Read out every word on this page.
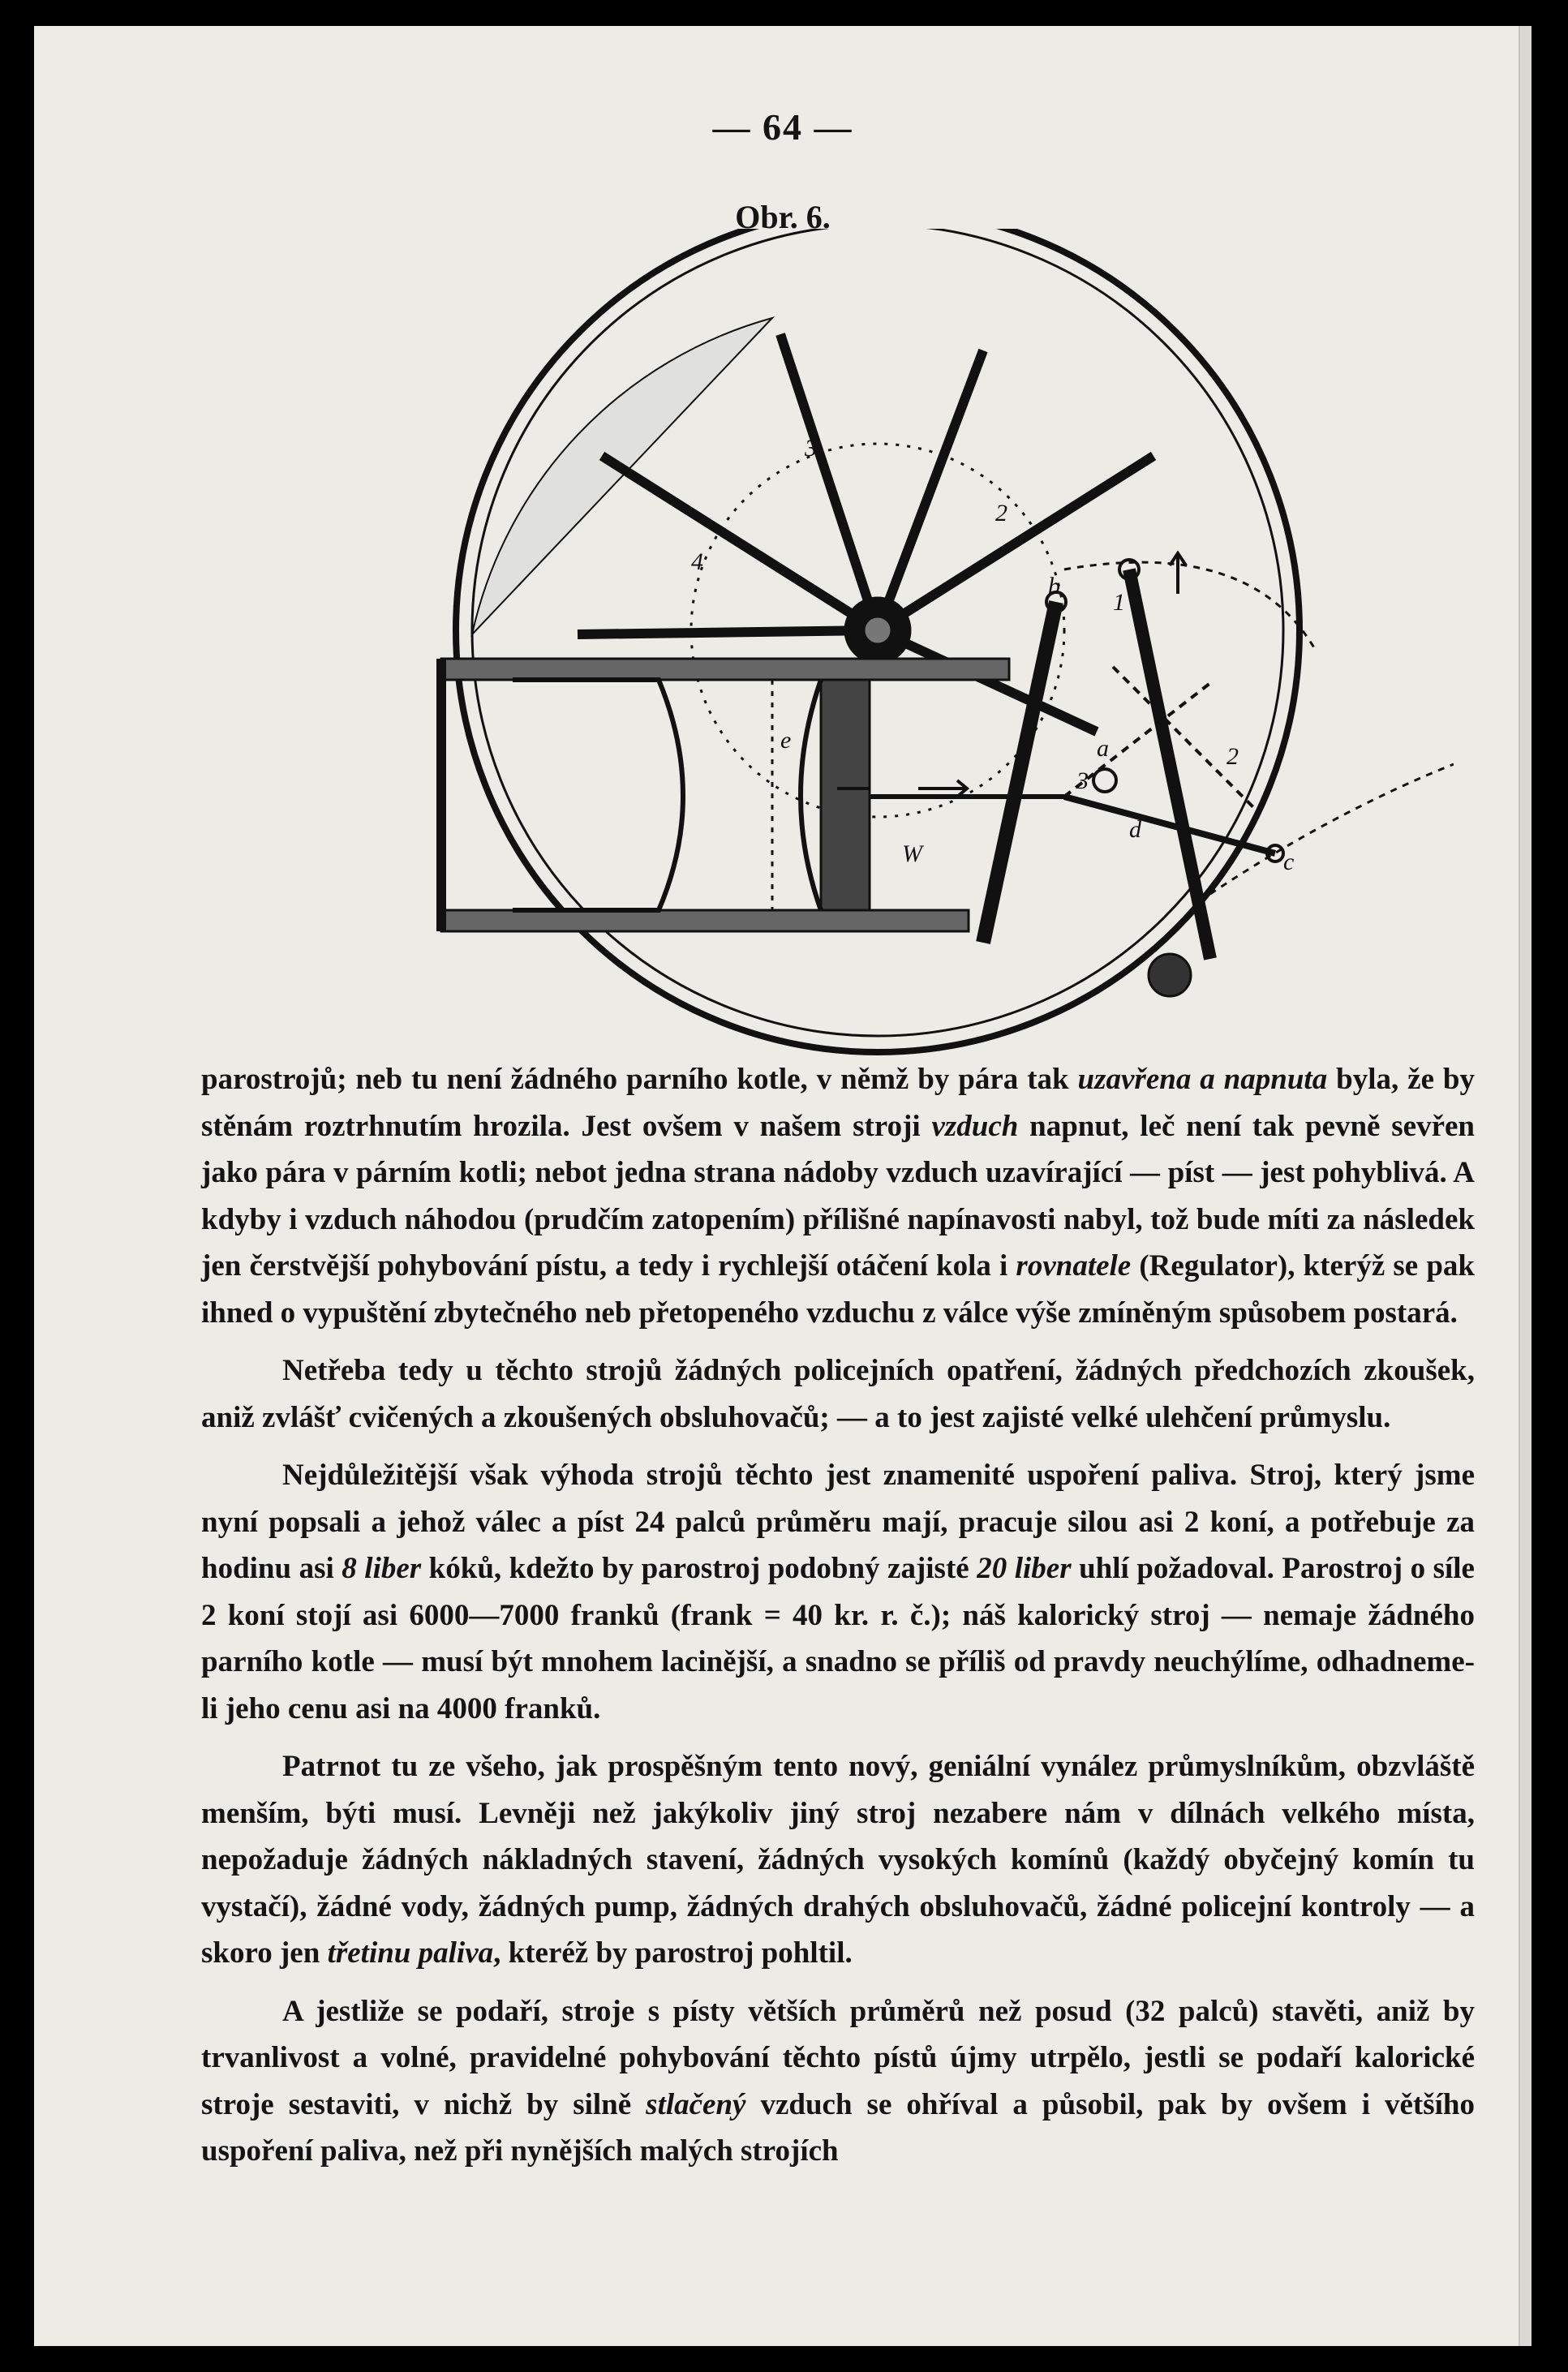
— 64 —
Obr. 6.
3
2
4
b
1
e
3
a
d
2
c
W

parostrojů; neb tu není žádného parního kotle, v němž by pára tak uzavřena a napnuta byla, že by stěnám roztrhnutím hrozila. Jest ovšem v našem stroji vzduch napnut, leč není tak pevně sevřen jako pára v párním kotli; nebot jedna strana nádoby vzduch uzavírající — píst — jest pohyblivá. A kdyby i vzduch náhodou (prudčím zatopením) přílišné napínavosti nabyl, tož bude míti za následek jen čerstvější pohybování pístu, a tedy i rychlejší otáčení kola i rovnatele (Regulator), kterýž se pak ihned o vypuštění zbytečného neb přetopeného vzduchu z válce výše zmíněným spůsobem postará.

Netřeba tedy u těchto strojů žádných policejních opatření, žádných předchozích zkoušek, aniž zvlášť cvičených a zkoušených obsluhovačů; — a to jest zajisté velké ulehčení průmyslu.

Nejdůležitější však výhoda strojů těchto jest znamenité uspoření paliva. Stroj, který jsme nyní popsali a jehož válec a píst 24 palců průměru mají, pracuje silou asi 2 koní, a potřebuje za hodinu asi 8 liber kóků, kdežto by parostroj podobný zajisté 20 liber uhlí požadoval. Parostroj o síle 2 koní stojí asi 6000—7000 franků (frank = 40 kr. r. č.); náš kalorický stroj — nemaje žádného parního kotle — musí být mnohem lacinější, a snadno se příliš od pravdy neuchýlíme, odhadneme-li jeho cenu asi na 4000 franků.

Patrnot tu ze všeho, jak prospěšným tento nový, geniální vynález průmyslníkům, obzvláště menším, býti musí. Levněji než jakýkoliv jiný stroj nezabere nám v dílnách velkého místa, nepožaduje žádných nákladných stavení, žádných vysokých komínů (každý obyčejný komín tu vystačí), žádné vody, žádných pump, žádných drahých obsluhovačů, žádné policejní kontroly — a skoro jen třetinu paliva, kteréž by parostroj pohltil.

A jestliže se podaří, stroje s písty větších průměrů než posud (32 palců) stavěti, aniž by trvanlivost a volné, pravidelné pohybování těchto pístů újmy utrpělo, jestli se podaří kalorické stroje sestaviti, v nichž by silně stlačený vzduch se ohříval a působil, pak by ovšem i většího uspoření paliva, než při nynějších malých strojích
